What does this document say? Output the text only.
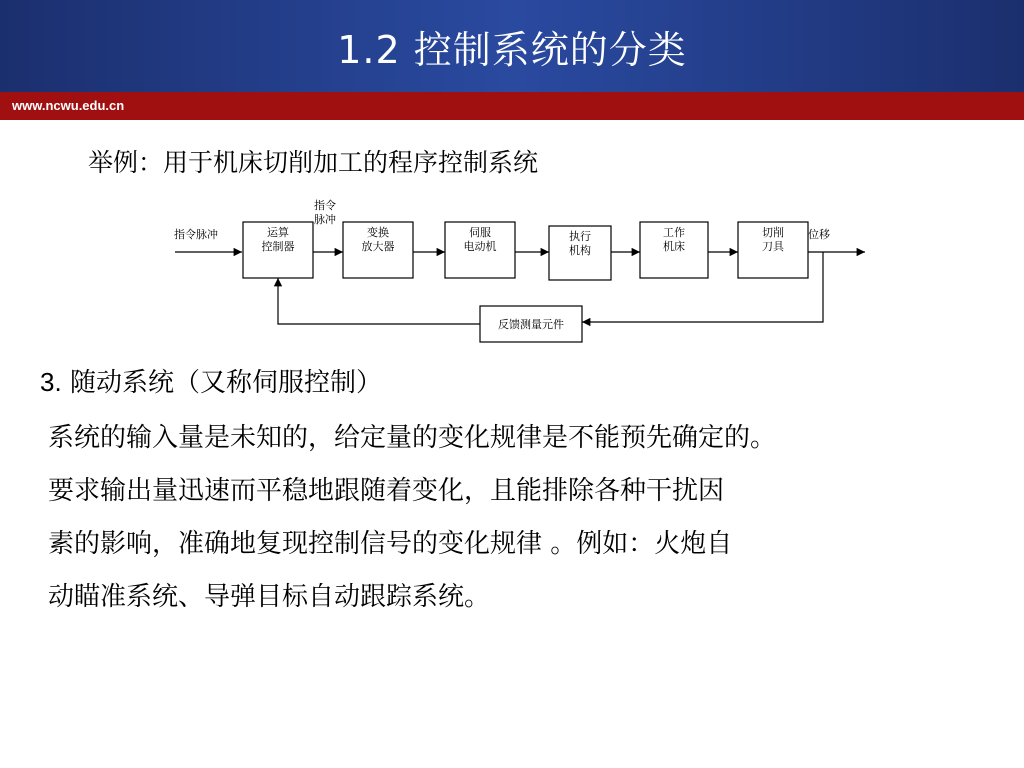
1.2 控制系统的分类
www.ncwu.edu.cn
举例：用于机床切削加工的程序控制系统
指令脉冲
指令
脉冲
运算
控制器
变换
放大器
伺服
电动机
执行
机构
工作
机床
切削
刀具
位移
反馈测量元件
3. 随动系统（又称伺服控制）
系统的输入量是未知的，给定量的变化规律是不能预先确定的。
要求输出量迅速而平稳地跟随着变化，且能排除各种干扰因
素的影响，准确地复现控制信号的变化规律 。例如：火炮自
动瞄准系统、导弹目标自动跟踪系统。
